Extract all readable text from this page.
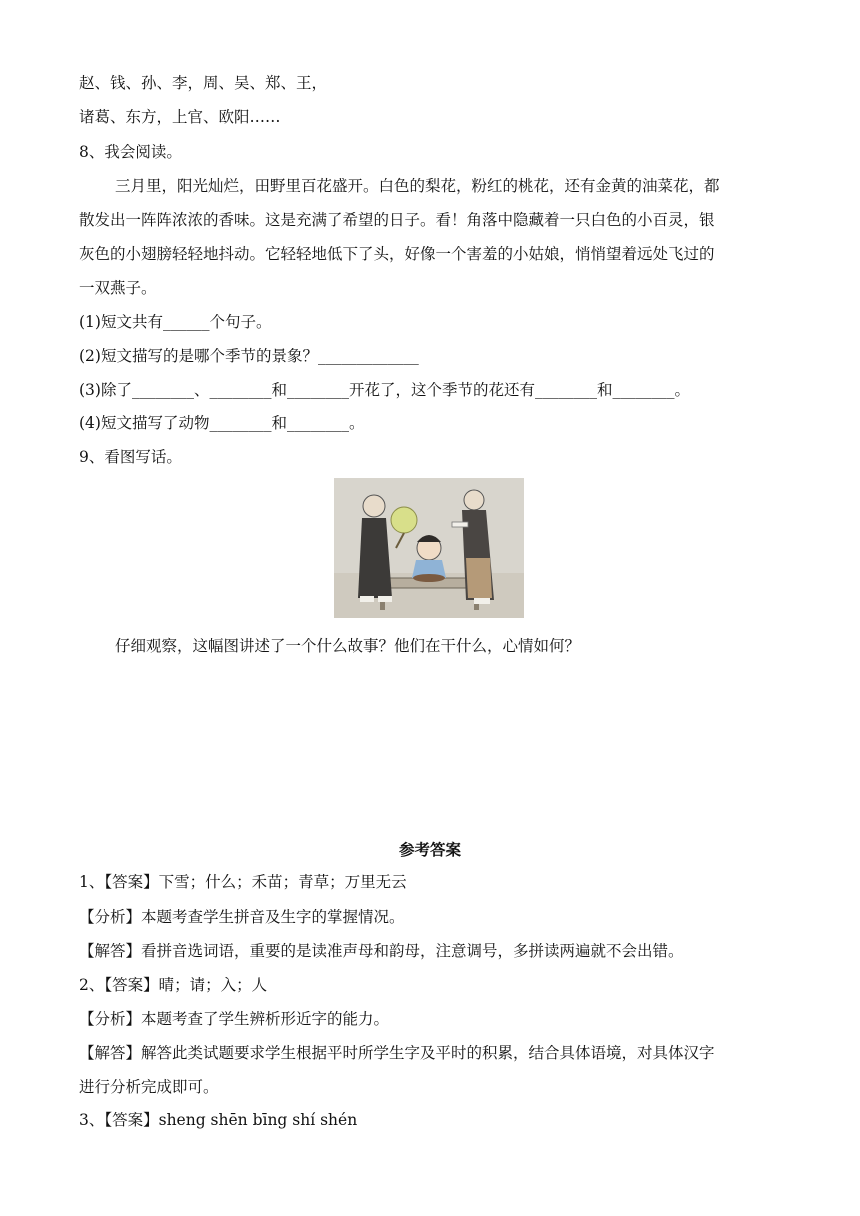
赵、钱、孙、李，周、吴、郑、王，
诸葛、东方，上官、欧阳……
8、我会阅读。
三月里，阳光灿烂，田野里百花盛开。白色的梨花，粉红的桃花，还有金黄的油菜花，都
散发出一阵阵浓浓的香味。这是充满了希望的日子。看！角落中隐藏着一只白色的小百灵，银
灰色的小翅膀轻轻地抖动。它轻轻地低下了头，好像一个害羞的小姑娘，悄悄望着远处飞过的
一双燕子。
(1)短文共有______个句子。
(2)短文描写的是哪个季节的景象？_____________
(3)除了________、________和________开花了，这个季节的花还有________和________。
(4)短文描写了动物________和________。
9、看图写话。
仔细观察，这幅图讲述了一个什么故事？他们在干什么，心情如何？
参考答案
1、【答案】下雪；什么；禾苗；青草；万里无云
【分析】本题考查学生拼音及生字的掌握情况。
【解答】看拼音选词语，重要的是读准声母和韵母，注意调号，多拼读两遍就不会出错。
2、【答案】晴；请；入；人
【分析】本题考查了学生辨析形近字的能力。
【解答】解答此类试题要求学生根据平时所学生字及平时的积累，结合具体语境，对具体汉字
进行分析完成即可。
3、【答案】sheng shēn bīng shí shén
